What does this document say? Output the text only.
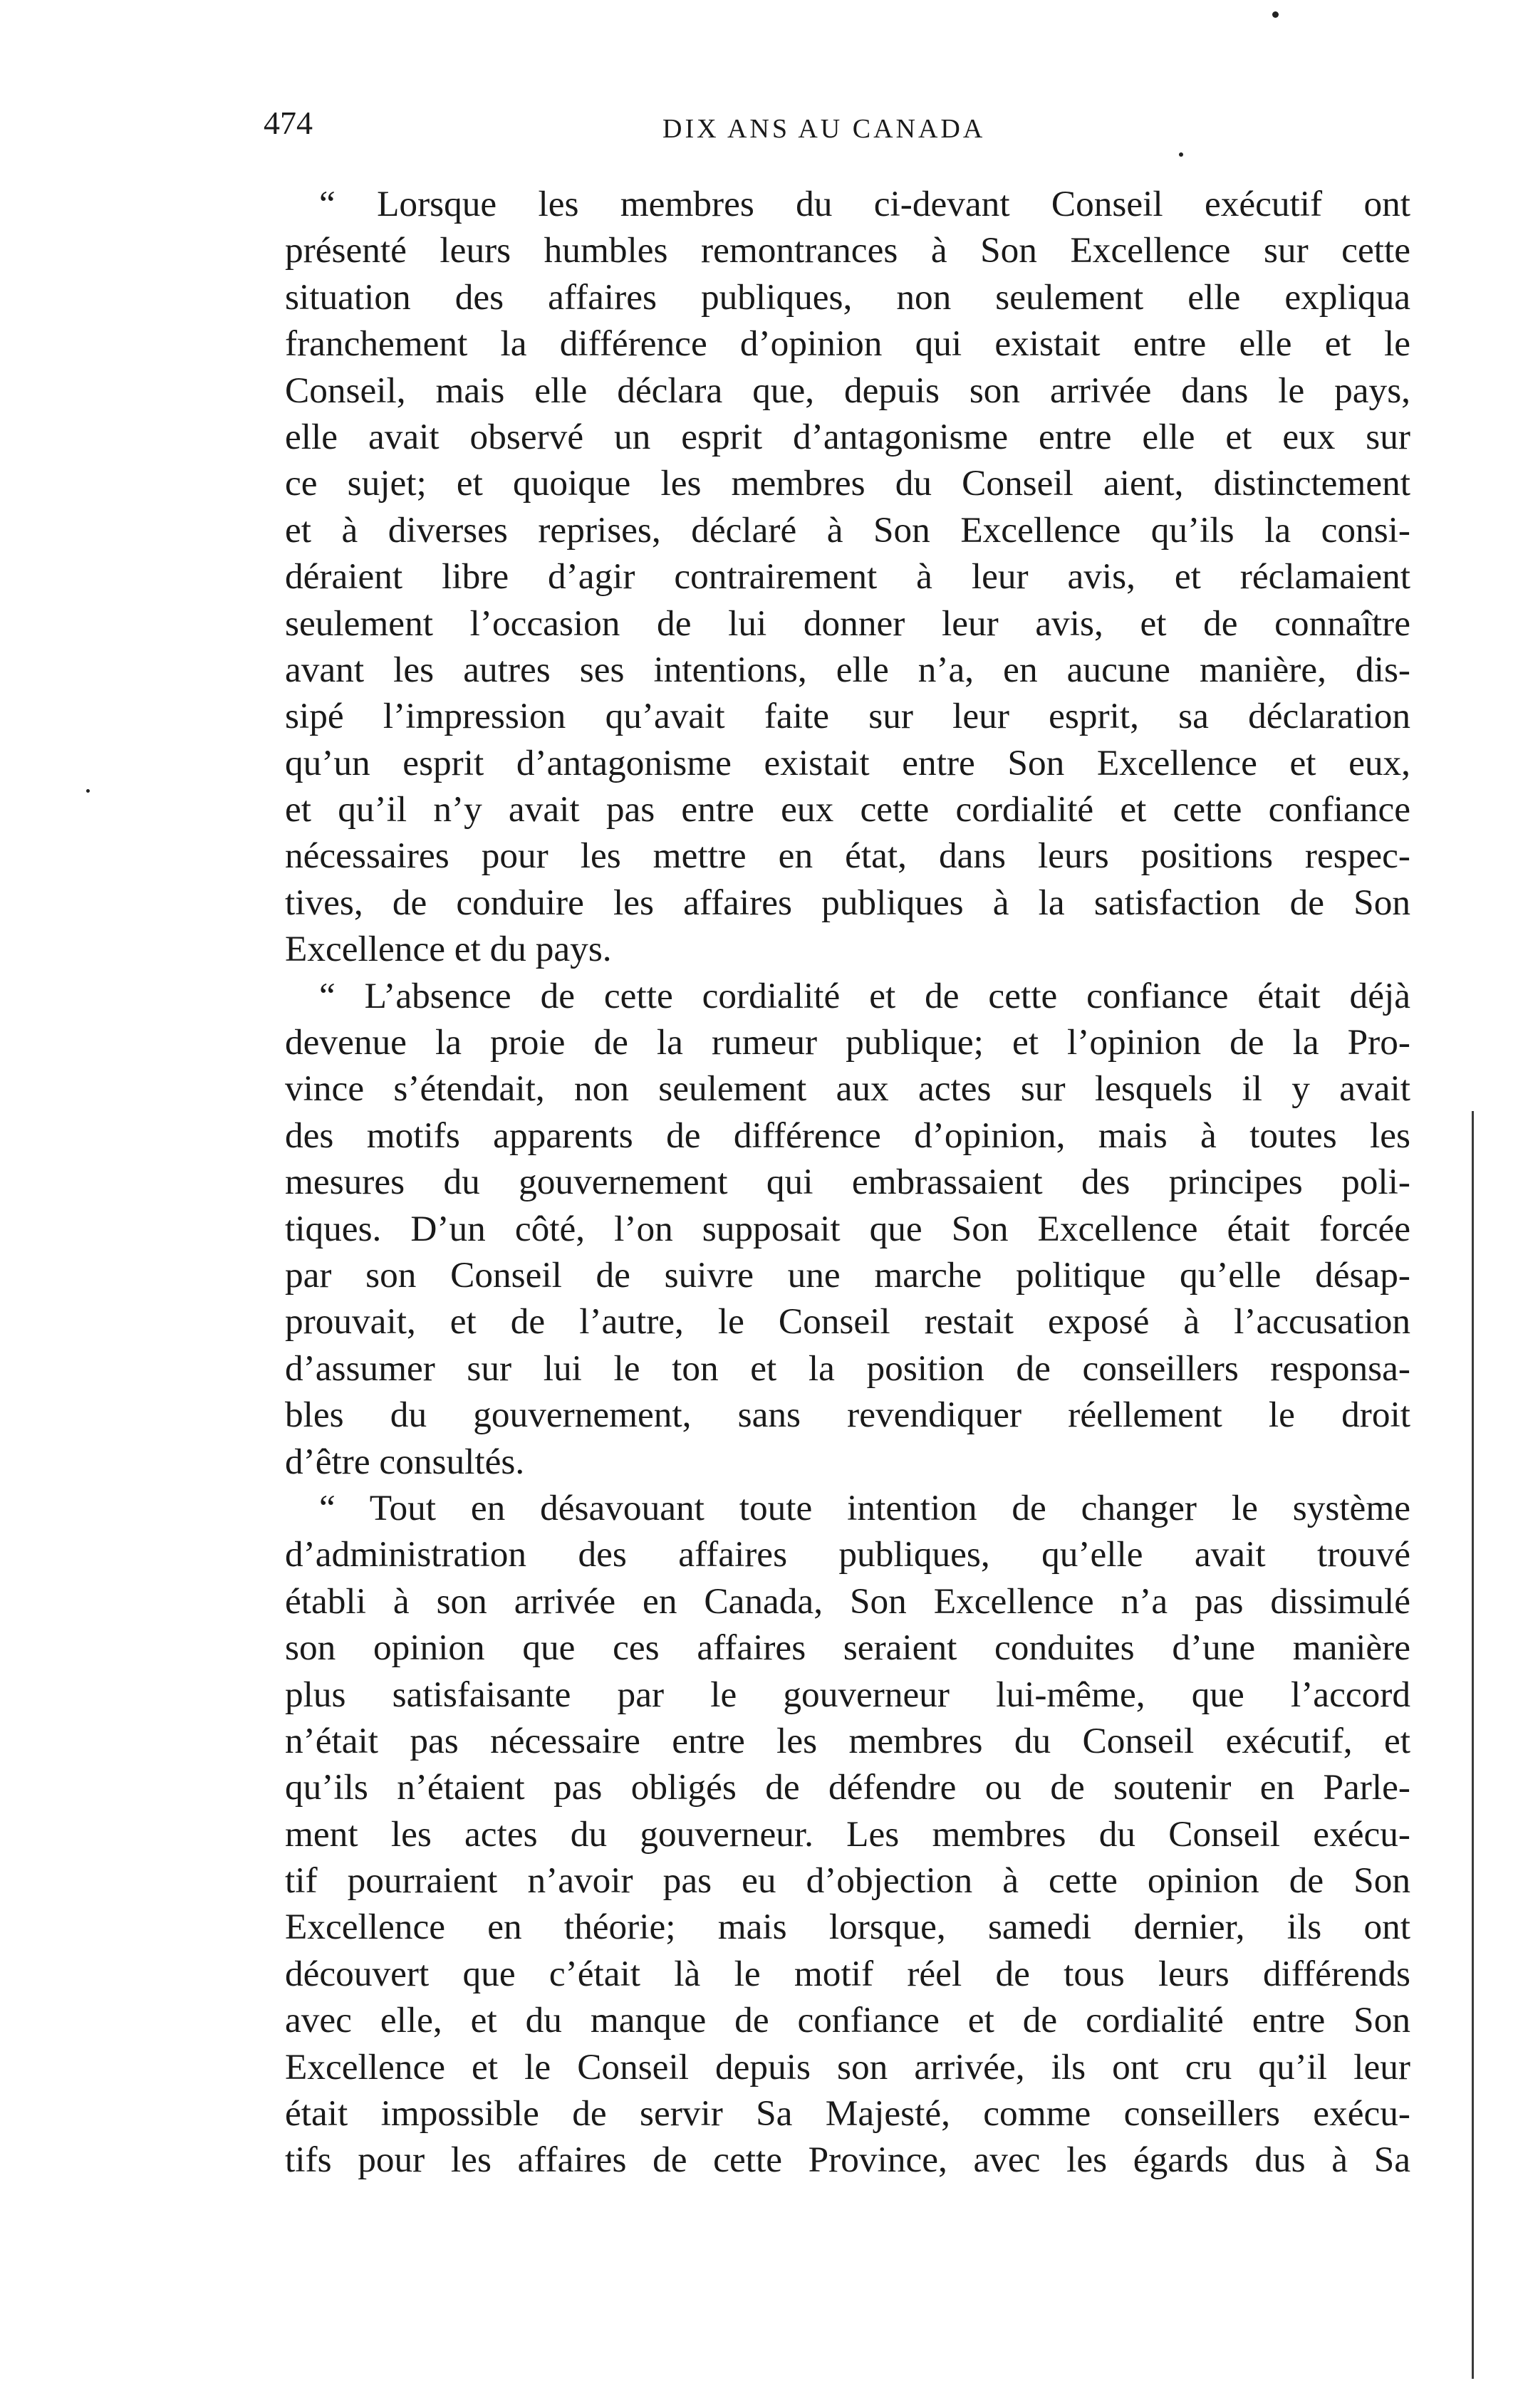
474	DIX ANS AU CANADA
“ Lorsque les membres du ci-devant Conseil exécutif ont
présenté leurs humbles remontrances à Son Excellence sur cette
situation des affaires publiques, non seulement elle expliqua
franchement la différence d’opinion qui existait entre elle et le
Conseil, mais elle déclara que, depuis son arrivée dans le pays,
elle avait observé un esprit d’antagonisme entre elle et eux sur
ce sujet; et quoique les membres du Conseil aient, distinctement
et à diverses reprises, déclaré à Son Excellence qu’ils la consi-
déraient libre d’agir contrairement à leur avis, et réclamaient
seulement l’occasion de lui donner leur avis, et de connaître
avant les autres ses intentions, elle n’a, en aucune manière, dis-
sipé l’impression qu’avait faite sur leur esprit, sa déclaration
qu’un esprit d’antagonisme existait entre Son Excellence et eux,
et qu’il n’y avait pas entre eux cette cordialité et cette confiance
nécessaires pour les mettre en état, dans leurs positions respec-
tives, de conduire les affaires publiques à la satisfaction de Son
Excellence et du pays.
“ L’absence de cette cordialité et de cette confiance était déjà
devenue la proie de la rumeur publique; et l’opinion de la Pro-
vince s’étendait, non seulement aux actes sur lesquels il y avait
des motifs apparents de différence d’opinion, mais à toutes les
mesures du gouvernement qui embrassaient des principes poli-
tiques. D’un côté, l’on supposait que Son Excellence était forcée
par son Conseil de suivre une marche politique qu’elle désap-
prouvait, et de l’autre, le Conseil restait exposé à l’accusation
d’assumer sur lui le ton et la position de conseillers responsa-
bles du gouvernement, sans revendiquer réellement le droit
d’être consultés.
“ Tout en désavouant toute intention de changer le système
d’administration des affaires publiques, qu’elle avait trouvé
établi à son arrivée en Canada, Son Excellence n’a pas dissimulé
son opinion que ces affaires seraient conduites d’une manière
plus satisfaisante par le gouverneur lui-même, que l’accord
n’était pas nécessaire entre les membres du Conseil exécutif, et
qu’ils n’étaient pas obligés de défendre ou de soutenir en Parle-
ment les actes du gouverneur. Les membres du Conseil exécu-
tif pourraient n’avoir pas eu d’objection à cette opinion de Son
Excellence en théorie; mais lorsque, samedi dernier, ils ont
découvert que c’était là le motif réel de tous leurs différends
avec elle, et du manque de confiance et de cordialité entre Son
Excellence et le Conseil depuis son arrivée, ils ont cru qu’il leur
était impossible de servir Sa Majesté, comme conseillers exécu-
tifs pour les affaires de cette Province, avec les égards dus à Sa
